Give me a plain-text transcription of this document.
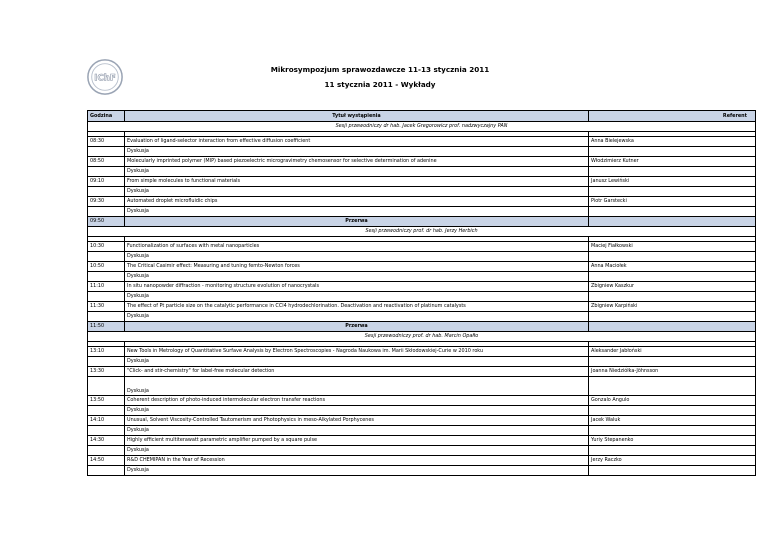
IChF
Mikrosympozjum sprawozdawcze 11-13 stycznia 2011
11 stycznia 2011 - Wykłady
Godzina	Tytuł wystąpienia	Referent
Sesji przewodniczy dr hab. Jacek Gregorowicz prof. nadzwyczajny PAN		

08:30	Evaluation of ligand-selector interaction from effective diffusion coefficient	Anna Bielejewska
	Dyskusja	
08:50	Molecularly imprinted polymer (MIP) based piezoelectric microgravimetry chemosensor for selective determination of adenine	Włodzimierz Kutner
	Dyskusja	
09:10	From simple molecules to functional materials	Janusz Lewiński
	Dyskusja	
09:30	Automated droplet microfluidic chips	Piotr Garstecki
	Dyskusja	
09:50	Przerwa	
Sesji przewodniczy prof. dr hab. Jerzy Herbich		

10:30	Functionalization of surfaces with metal nanoparticles	Maciej Fiałkowski
	Dyskusja	
10:50	The Critical Casimir effect: Measuring and tuning femto-Newton forces	Anna Maciołek
	Dyskusja	
11:10	In situ nanopowder diffraction - monitoring structure evolution of nanocrystals	Zbigniew Kaszkur
	Dyskusja	
11:30	The effect of Pt particle size on the catalytic performance in CCl4 hydrodechlorination. Deactivation and reactivation of platinum catalysts	Zbigniew Karpiński
	Dyskusja	
11:50	Przerwa	
Sesji przewodniczy prof. dr hab. Marcin Opałło		

13:10	New Tools in Metrology of Quantitative Surfave Analysis by Electron Spectroscopies - Nagroda Naukowa im. Marii Skłodowskiej-Curie w 2010 roku	Aleksander Jabłoński
	Dyskusja	
13:30	"Click- and stir-chemistry" for label-free molecular detection	Joanna Niedziółka-Jöhnsson
	Dyskusja	
13:50	Coherent description of photo-induced intermolecular electron transfer reactions	Gonzalo Angulo
	Dyskusja	
14:10	Unusual, Solvent Viscosity-Controlled Tautomerism and Photophysics in meso-Alkylated Porphycenes	Jacek Waluk
	Dyskusja	
14:30	Highly efficient multiterawatt parametric amplifier pumped by a square pulse	Yuriy Stepanenko
	Dyskusja	
14:50	R&D CHEMIPAN in the Year of Recession	Jerzy Raczko
	Dyskusja	
